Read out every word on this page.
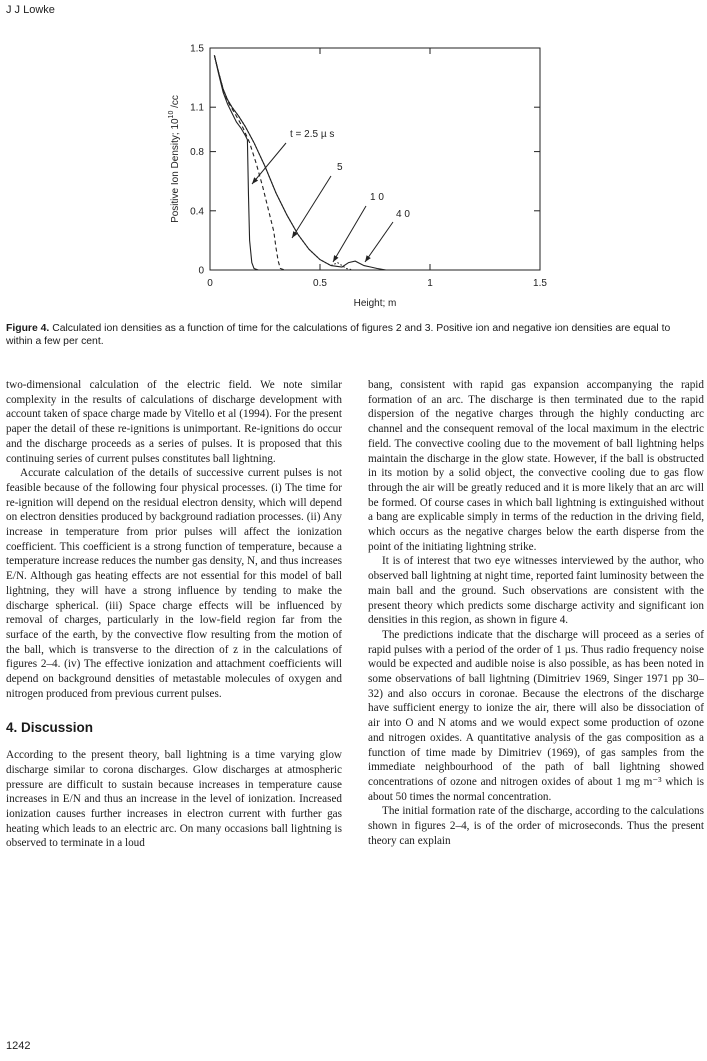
J J Lowke
0
0.4
0.8
1.1
1.5
0	0.5	1	1.5
Height; m
Positive Ion Density; $10^{10}$ /cc
t = 2.5 µ s
5
1 0
4 0
Figure 4. Calculated ion densities as a function of time for the calculations of figures 2 and 3. Positive ion and negative ion densities are equal to within a few per cent.

two-dimensional calculation of the electric field. We note similar complexity in the results of calculations of discharge development with account taken of space charge made by Vitello et al (1994). For the present paper the detail of these re-ignitions is unimportant. Re-ignitions do occur and the discharge proceeds as a series of pulses. It is proposed that this continuing series of current pulses constitutes ball lightning.

Accurate calculation of the details of successive current pulses is not feasible because of the following four physical processes. (i) The time for re-ignition will depend on the residual electron density, which will depend on electron densities produced by background radiation processes. (ii) Any increase in temperature from prior pulses will affect the ionization coefficient. This coefficient is a strong function of temperature, because a temperature increase reduces the number gas density, N, and thus increases E/N. Although gas heating effects are not essential for this model of ball lightning, they will have a strong influence by tending to make the discharge spherical. (iii) Space charge effects will be influenced by removal of charges, particularly in the low-field region far from the surface of the earth, by the convective flow resulting from the motion of the ball, which is transverse to the direction of z in the calculations of figures 2–4. (iv) The effective ionization and attachment coefficients will depend on background densities of metastable molecules of oxygen and nitrogen produced from previous current pulses.

4. Discussion

According to the present theory, ball lightning is a time varying glow discharge similar to corona discharges. Glow discharges at atmospheric pressure are difficult to sustain because increases in temperature cause increases in E/N and thus an increase in the level of ionization. Increased ionization causes further increases in electron current with further gas heating which leads to an electric arc. On many occasions ball lightning is observed to terminate in a loud

bang, consistent with rapid gas expansion accompanying the rapid formation of an arc. The discharge is then terminated due to the rapid dispersion of the negative charges through the highly conducting arc channel and the consequent removal of the local maximum in the electric field. The convective cooling due to the movement of ball lightning helps maintain the discharge in the glow state. However, if the ball is obstructed in its motion by a solid object, the convective cooling due to gas flow through the air will be greatly reduced and it is more likely that an arc will be formed. Of course cases in which ball lightning is extinguished without a bang are explicable simply in terms of the reduction in the driving field, which occurs as the negative charges below the earth disperse from the point of the initiating lightning strike.

It is of interest that two eye witnesses interviewed by the author, who observed ball lightning at night time, reported faint luminosity between the main ball and the ground. Such observations are consistent with the present theory which predicts some discharge activity and significant ion densities in this region, as shown in figure 4.

The predictions indicate that the discharge will proceed as a series of rapid pulses with a period of the order of 1 µs. Thus radio frequency noise would be expected and audible noise is also possible, as has been noted in some observations of ball lightning (Dimitriev 1969, Singer 1971 pp 30–32) and also occurs in coronae. Because the electrons of the discharge have sufficient energy to ionize the air, there will also be dissociation of air into O and N atoms and we would expect some production of ozone and nitrogen oxides. A quantitative analysis of the gas composition as a function of time made by Dimitriev (1969), of gas samples from the immediate neighbourhood of the path of ball lightning showed concentrations of ozone and nitrogen oxides of about 1 mg m⁻³ which is about 50 times the normal concentration.

The initial formation rate of the discharge, according to the calculations shown in figures 2–4, is of the order of microseconds. Thus the present theory can explain

1242
